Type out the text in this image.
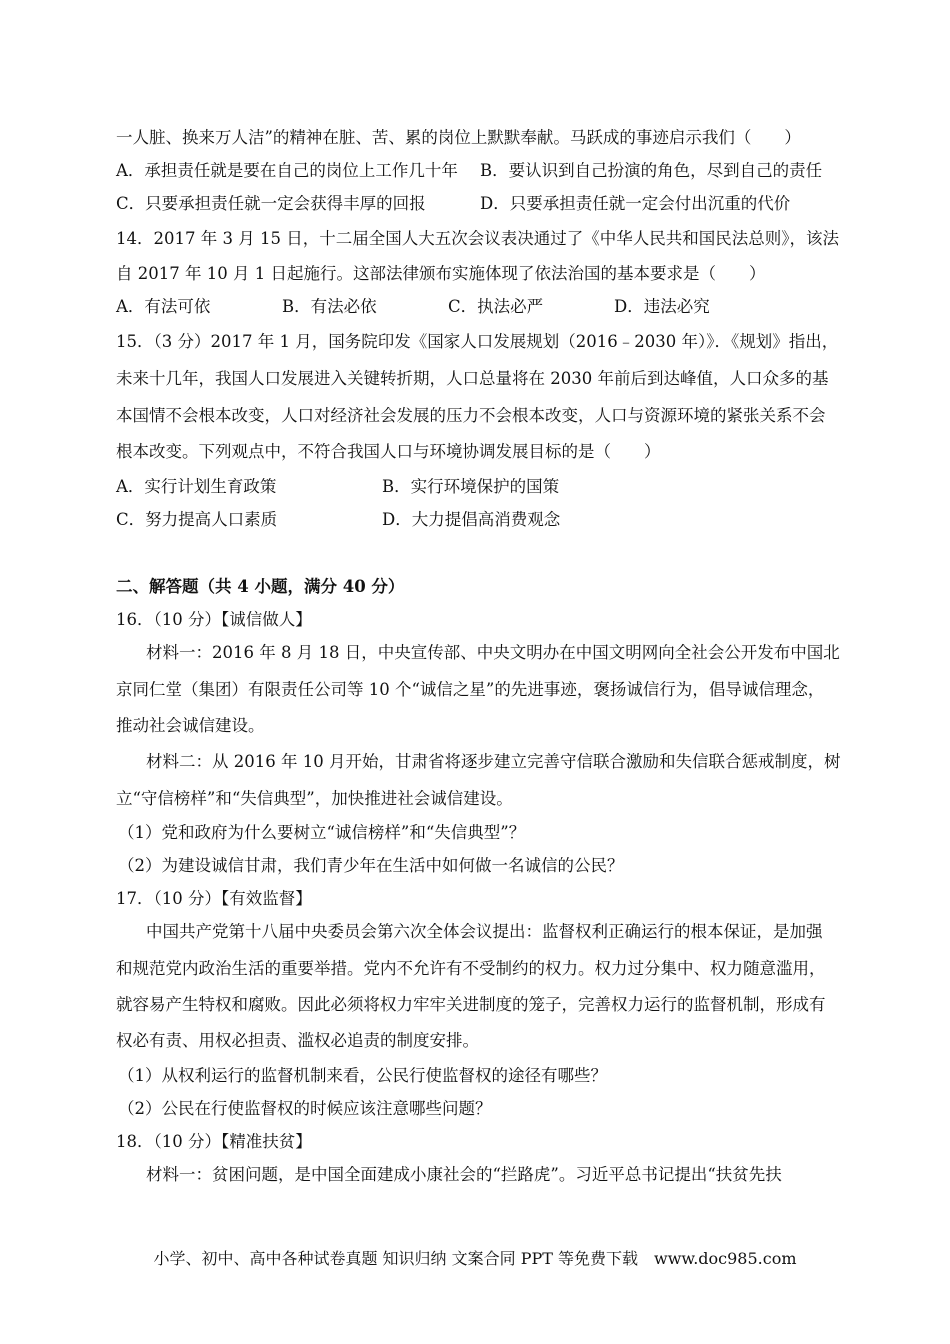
一人脏、换来万人洁”的精神在脏、苦、累的岗位上默默奉献。马跃成的事迹启示我们（　　）
A．承担责任就是要在自己的岗位上工作几十年 B．要认识到自己扮演的角色，尽到自己的责任
C．只要承担责任就一定会获得丰厚的回报	D．只要承担责任就一定会付出沉重的代价
14．2017 年 3 月 15 日，十二届全国人大五次会议表决通过了《中华人民共和国民法总则》，该法
自 2017 年 10 月 1 日起施行。这部法律颁布实施体现了依法治国的基本要求是（　　）
A．有法可依	B．有法必依	C．执法必严	D．违法必究
15．（3 分）2017 年 1 月，国务院印发《国家人口发展规划（2016﹣2030 年）》．《规划》指出，
未来十几年，我国人口发展进入关键转折期，人口总量将在 2030 年前后到达峰值，人口众多的基
本国情不会根本改变，人口对经济社会发展的压力不会根本改变，人口与资源环境的紧张关系不会
根本改变。下列观点中，不符合我国人口与环境协调发展目标的是（　　）
A．实行计划生育政策	B．实行环境保护的国策
C．努力提高人口素质	D．大力提倡高消费观念
二、解答题（共 4 小题，满分 40 分）
16．（10 分）【诚信做人】
材料一：2016 年 8 月 18 日，中央宣传部、中央文明办在中国文明网向全社会公开发布中国北
京同仁堂（集团）有限责任公司等 10 个“诚信之星”的先进事迹，褒扬诚信行为，倡导诚信理念，
推动社会诚信建设。
材料二：从 2016 年 10 月开始，甘肃省将逐步建立完善守信联合激励和失信联合惩戒制度，树
立“守信榜样”和“失信典型”，加快推进社会诚信建设。
（1）党和政府为什么要树立“诚信榜样”和“失信典型”？
（2）为建设诚信甘肃，我们青少年在生活中如何做一名诚信的公民？
17．（10 分）【有效监督】
中国共产党第十八届中央委员会第六次全体会议提出：监督权利正确运行的根本保证，是加强
和规范党内政治生活的重要举措。党内不允许有不受制约的权力。权力过分集中、权力随意滥用，
就容易产生特权和腐败。因此必须将权力牢牢关进制度的笼子，完善权力运行的监督机制，形成有
权必有责、用权必担责、滥权必追责的制度安排。
（1）从权利运行的监督机制来看，公民行使监督权的途径有哪些？
（2）公民在行使监督权的时候应该注意哪些问题？
18．（10 分）【精准扶贫】
材料一：贫困问题，是中国全面建成小康社会的“拦路虎”。习近平总书记提出“扶贫先扶
小学、初中、高中各种试卷真题 知识归纳 文案合同 PPT 等免费下载　www.doc985.com
